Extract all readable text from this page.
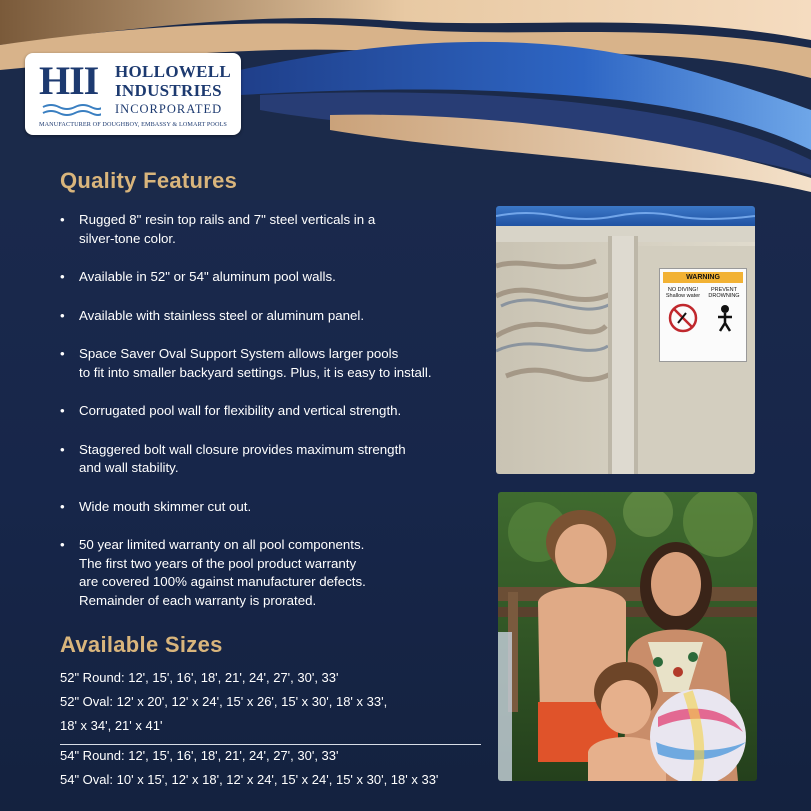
HII HOLLOWELL
INDUSTRIES
INCORPORATED
MANUFACTURER OF DOUGHBOY, EMBASSY & LOMART POOLS
Quality Features
• Rugged 8" resin top rails and 7" steel verticals in a
silver-tone color.
• Available in 52" or 54" aluminum pool walls.
• Available with stainless steel or aluminum panel.
• Space Saver Oval Support System allows larger pools
to fit into smaller backyard settings. Plus, it is easy to install.
• Corrugated pool wall for flexibility and vertical strength.
• Staggered bolt wall closure provides maximum strength
and wall stability.
• Wide mouth skimmer cut out.
• 50 year limited warranty on all pool components.
The first two years of the pool product warranty
are covered 100% against manufacturer defects.
Remainder of each warranty is prorated.
Available Sizes
52" Round: 12', 15', 16', 18', 21', 24', 27', 30', 33'
52" Oval: 12' x 20', 12' x 24', 15' x 26', 15' x 30', 18' x 33',
18' x 34', 21' x 41'
54" Round: 12', 15', 16', 18', 21', 24', 27', 30', 33'
54" Oval: 10' x 15', 12' x 18', 12' x 24', 15' x 24', 15' x 30', 18' x 33'
WARNING
NO DIVING! Shallow water
PREVENT DROWNING
